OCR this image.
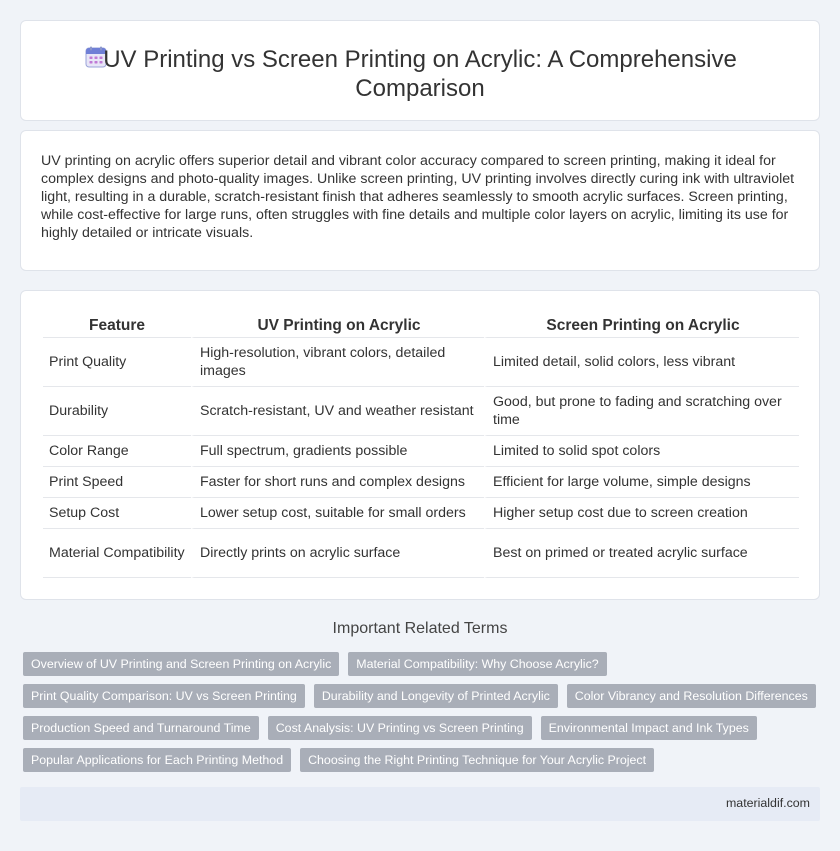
UV Printing vs Screen Printing on Acrylic: A Comprehensive Comparison

UV printing on acrylic offers superior detail and vibrant color accuracy compared to screen printing, making it ideal for complex designs and photo-quality images. Unlike screen printing, UV printing involves directly curing ink with ultraviolet light, resulting in a durable, scratch-resistant finish that adheres seamlessly to smooth acrylic surfaces. Screen printing, while cost-effective for large runs, often struggles with fine details and multiple color layers on acrylic, limiting its use for highly detailed or intricate visuals.

Feature	UV Printing on Acrylic	Screen Printing on Acrylic
Print Quality	High-resolution, vibrant colors, detailed images	Limited detail, solid colors, less vibrant
Durability	Scratch-resistant, UV and weather resistant	Good, but prone to fading and scratching over time
Color Range	Full spectrum, gradients possible	Limited to solid spot colors
Print Speed	Faster for short runs and complex designs	Efficient for large volume, simple designs
Setup Cost	Lower setup cost, suitable for small orders	Higher setup cost due to screen creation
Material Compatibility	Directly prints on acrylic surface	Best on primed or treated acrylic surface
Important Related Terms
Overview of UV Printing and Screen Printing on Acrylic	Material Compatibility: Why Choose Acrylic?
Print Quality Comparison: UV vs Screen Printing	Durability and Longevity of Printed Acrylic	Color Vibrancy and Resolution Differences
Production Speed and Turnaround Time	Cost Analysis: UV Printing vs Screen Printing	Environmental Impact and Ink Types
Popular Applications for Each Printing Method	Choosing the Right Printing Technique for Your Acrylic Project
materialdif.com
